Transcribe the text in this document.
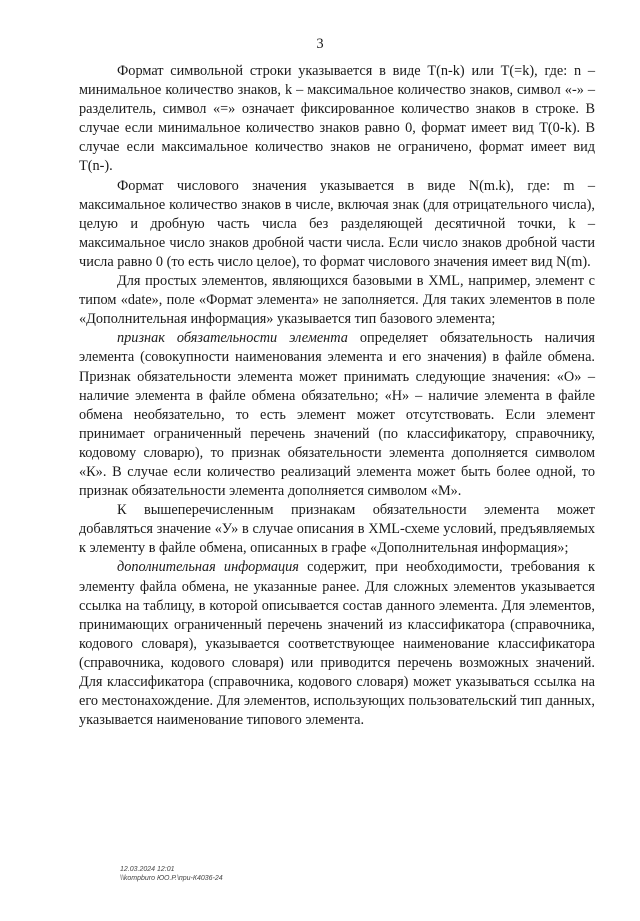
3

Формат символьной строки указывается в виде T(n-k) или T(=k), где: n – минимальное количество знаков, k – максимальное количество знаков, символ «-» – разделитель, символ «=» означает фиксированное количество знаков в строке. В случае если минимальное количество знаков равно 0, формат имеет вид T(0-k). В случае если максимальное количество знаков не ограничено, формат имеет вид T(n-).

Формат числового значения указывается в виде N(m.k), где: m – максимальное количество знаков в числе, включая знак (для отрицательного числа), целую и дробную часть числа без разделяющей десятичной точки, k – максимальное число знаков дробной части числа. Если число знаков дробной части числа равно 0 (то есть число целое), то формат числового значения имеет вид N(m).

Для простых элементов, являющихся базовыми в XML, например, элемент с типом «date», поле «Формат элемента» не заполняется. Для таких элементов в поле «Дополнительная информация» указывается тип базового элемента;

признак обязательности элемента определяет обязательность наличия элемента (совокупности наименования элемента и его значения) в файле обмена. Признак обязательности элемента может принимать следующие значения: «О» – наличие элемента в файле обмена обязательно; «Н» – наличие элемента в файле обмена необязательно, то есть элемент может отсутствовать. Если элемент принимает ограниченный перечень значений (по классификатору, справочнику, кодовому словарю), то признак обязательности элемента дополняется символом «К». В случае если количество реализаций элемента может быть более одной, то признак обязательности элемента дополняется символом «М».

К вышеперечисленным признакам обязательности элемента может добавляться значение «У» в случае описания в XML-схеме условий, предъявляемых к элементу в файле обмена, описанных в графе «Дополнительная информация»;

дополнительная информация содержит, при необходимости, требования к элементу файла обмена, не указанные ранее. Для сложных элементов указывается ссылка на таблицу, в которой описывается состав данного элемента. Для элементов, принимающих ограниченный перечень значений из классификатора (справочника, кодового словаря), указывается соответствующее наименование классификатора (справочника, кодового словаря) или приводится перечень возможных значений. Для классификатора (справочника, кодового словаря) может указываться ссылка на его местонахождение. Для элементов, использующих пользовательский тип данных, указывается наименование типового элемента.

12.03.2024 12:01
\\kompburo ЮО.Р.\при-К4036-24
